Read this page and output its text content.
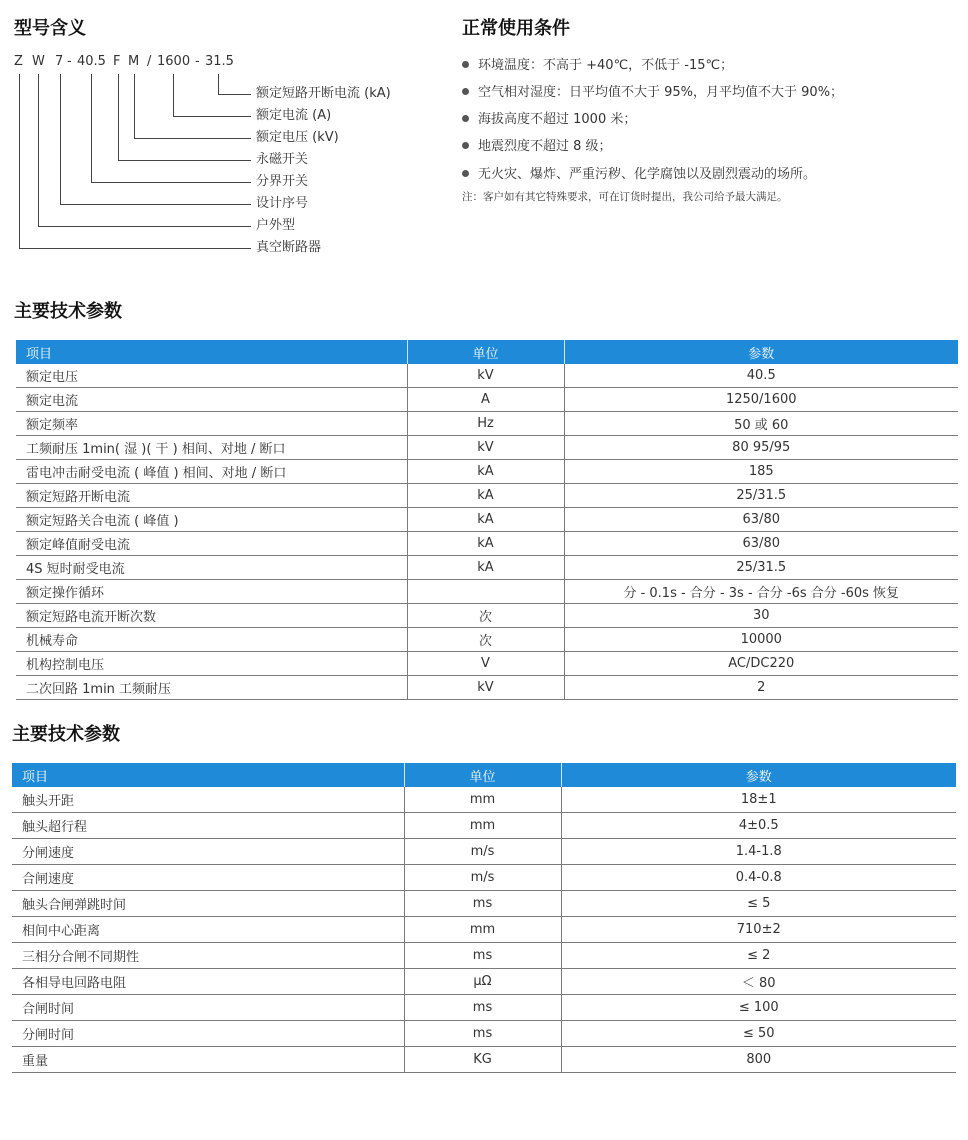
型号含义
Z W 7 - 40.5 F M / 1600 - 31.5
额定短路开断电流 (kA)
额定电流 (A)
额定电压 (kV)
永磁开关
分界开关
设计序号
户外型
真空断路器
正常使用条件
环境温度：不高于 +40℃，不低于 -15℃；
空气相对湿度：日平均值不大于 95%，月平均值不大于 90%；
海拔高度不超过 1000 米；
地震烈度不超过 8 级；
无火灾、爆炸、严重污秽、化学腐蚀以及剧烈震动的场所。
注：客户如有其它特殊要求，可在订货时提出，我公司给予最大满足。
主要技术参数
项目	单位	参数
额定电压	kV	40.5
额定电流	A	1250/1600
额定频率	Hz	50 或 60
工频耐压 1min( 湿 )( 干 ) 相间、对地 / 断口	kV	80 95/95
雷电冲击耐受电流 ( 峰值 ) 相间、对地 / 断口	kA	185
额定短路开断电流	kA	25/31.5
额定短路关合电流 ( 峰值 )	kA	63/80
额定峰值耐受电流	kA	63/80
4S 短时耐受电流	kA	25/31.5
额定操作循环		分 - 0.1s - 合分 - 3s - 合分 -6s 合分 -60s 恢复
额定短路电流开断次数	次	30
机械寿命	次	10000
机构控制电压	V	AC/DC220
二次回路 1min 工频耐压	kV	2
主要技术参数
项目	单位	参数
触头开距	mm	18±1
触头超行程	mm	4±0.5
分闸速度	m/s	1.4-1.8
合闸速度	m/s	0.4-0.8
触头合闸弹跳时间	ms	≤ 5
相间中心距离	mm	710±2
三相分合闸不同期性	ms	≤ 2
各相导电回路电阻	μΩ	＜ 80
合闸时间	ms	≤ 100
分闸时间	ms	≤ 50
重量	KG	800
